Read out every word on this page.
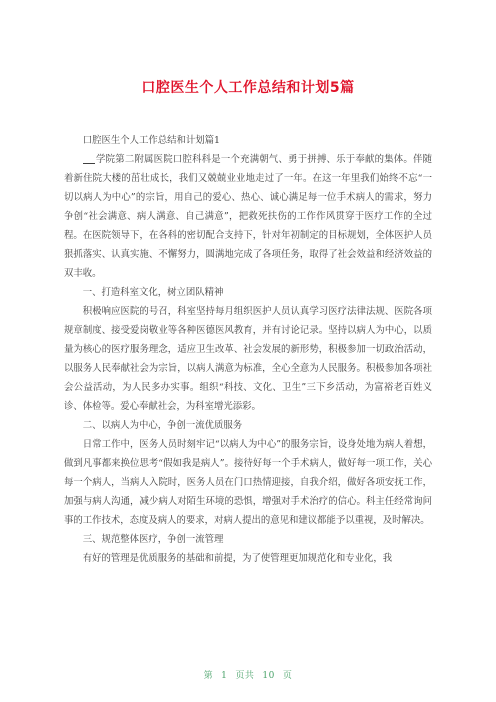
口腔医生个人工作总结和计划5篇

口腔医生个人工作总结和计划篇1

学院第二附属医院口腔科科是一个充满朝气、勇于拼搏、乐于奉献的集体。伴随着新住院大楼的茁壮成长，我们又兢兢业业地走过了一年。在这一年里我们始终不忘“一切以病人为中心”的宗旨，用自己的爱心、热心、诚心满足每一位手术病人的需求，努力争创“社会满意、病人满意、自己满意”，把救死扶伤的工作作风贯穿于医疗工作的全过程。在医院领导下，在各科的密切配合支持下，针对年初制定的目标规划，全体医护人员狠抓落实、认真实施、不懈努力，圆满地完成了各项任务，取得了社会效益和经济效益的双丰收。

一、打造科室文化，树立团队精神

积极响应医院的号召，科室坚持每月组织医护人员认真学习医疗法律法规、医院各项规章制度、接受爱岗敬业等各种医德医风教育，并有讨论记录。坚持以病人为中心，以质量为核心的医疗服务理念，适应卫生改革、社会发展的新形势，积极参加一切政治活动，以服务人民奉献社会为宗旨，以病人满意为标准，全心全意为人民服务。积极参加各项社会公益活动，为人民多办实事。组织“科技、文化、卫生”三下乡活动，为富裕老百姓义诊、体检等。爱心奉献社会，为科室增光添彩。

二、以病人为中心，争创一流优质服务

日常工作中，医务人员时刻牢记“以病人为中心”的服务宗旨，设身处地为病人着想，做到凡事都来换位思考“假如我是病人”。接待好每一个手术病人，做好每一项工作，关心每一个病人，当病人入院时，医务人员在门口热情迎接，自我介绍，做好各项安抚工作，加强与病人沟通，减少病人对陌生环境的恐惧，增强对手术治疗的信心。科主任经常询问事的工作技术，态度及病人的要求，对病人提出的意见和建议都能予以重视，及时解决。

三、规范整体医疗，争创一流管理

有好的管理是优质服务的基础和前提，为了使管理更加规范化和专业化，我

第 1 页共 10 页
